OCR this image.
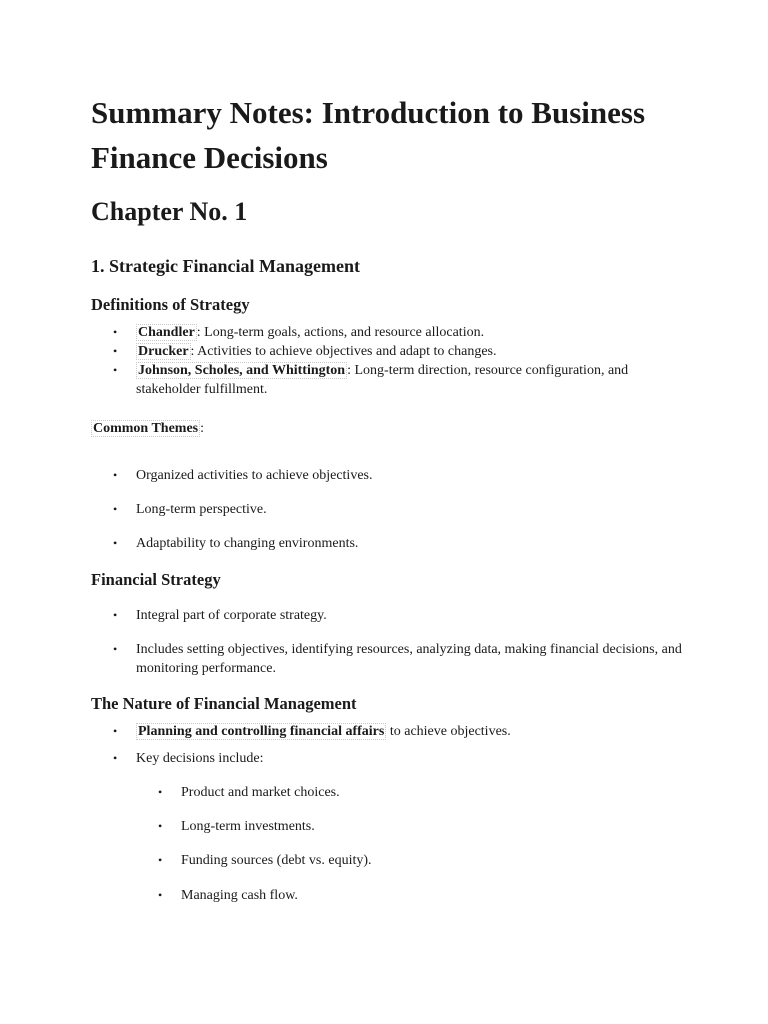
Summary Notes: Introduction to Business Finance Decisions
Chapter No. 1
1. Strategic Financial Management
Definitions of Strategy
• Chandler : Long-term goals, actions, and resource allocation.
• Drucker : Activities to achieve objectives and adapt to changes.
• Johnson, Scholes, and Whittington : Long-term direction, resource configuration, and stakeholder fulfillment.

Common Themes :

• Organized activities to achieve objectives.
• Long-term perspective.
• Adaptability to changing environments.
Financial Strategy
• Integral part of corporate strategy.
• Includes setting objectives, identifying resources, analyzing data, making financial decisions, and monitoring performance.
The Nature of Financial Management
• Planning and controlling financial affairs to achieve objectives.
• Key decisions include:
• Product and market choices.
• Long-term investments.
• Funding sources (debt vs. equity).
• Managing cash flow.
